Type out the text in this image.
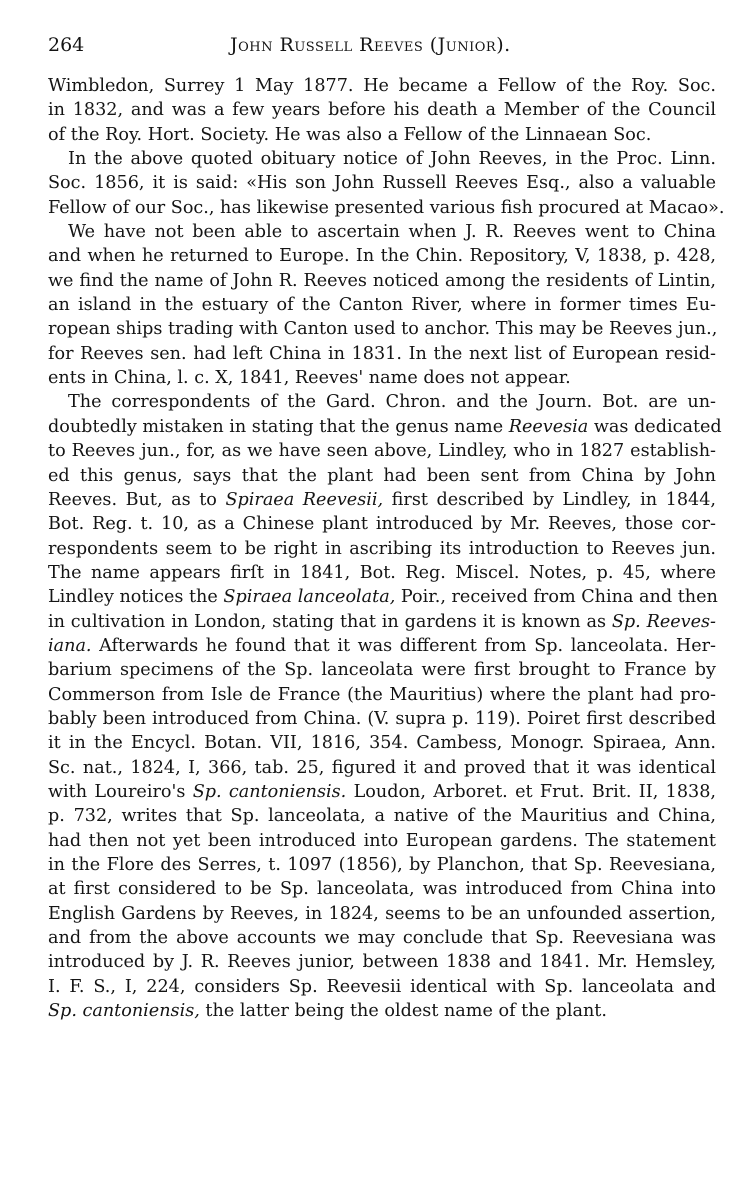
264	John Russell Reeves (Junior).
Wimbledon, Surrey 1 May 1877. He became a Fellow of the Roy. Soc.
in 1832, and was a few years before his death a Member of the Council
of the Roy. Hort. Society. He was also a Fellow of the Linnaean Soc.
In the above quoted obituary notice of John Reeves, in the Proc. Linn.
Soc. 1856, it is said: «His son John Russell Reeves Esq., also a valuable
Fellow of our Soc., has likewise presented various fish procured at Macao».
We have not been able to ascertain when J. R. Reeves went to China
and when he returned to Europe. In the Chin. Repository, V, 1838, p. 428,
we find the name of John R. Reeves noticed among the residents of Lintin,
an island in the estuary of the Canton River, where in former times Eu-
ropean ships trading with Canton used to anchor. This may be Reeves jun.,
for Reeves sen. had left China in 1831. In the next list of European resid-
ents in China, l. c. X, 1841, Reeves' name does not appear.
The correspondents of the Gard. Chron. and the Journ. Bot. are un-
doubtedly mistaken in stating that the genus name Reevesia was dedicated
to Reeves jun., for, as we have seen above, Lindley, who in 1827 establish-
ed this genus, says that the plant had been sent from China by John
Reeves. But, as to Spiraea Reevesii, first described by Lindley, in 1844,
Bot. Reg. t. 10, as a Chinese plant introduced by Mr. Reeves, those cor-
respondents seem to be right in ascribing its introduction to Reeves jun.
The name appears firſt in 1841, Bot. Reg. Miscel. Notes, p. 45, where
Lindley notices the Spiraea lanceolata, Poir., received from China and then
in cultivation in London, stating that in gardens it is known as Sp. Reeves-
iana. Afterwards he found that it was different from Sp. lanceolata. Her-
barium specimens of the Sp. lanceolata were first brought to France by
Commerson from Isle de France (the Mauritius) where the plant had pro-
bably been introduced from China. (V. supra p. 119). Poiret first described
it in the Encycl. Botan. VII, 1816, 354. Cambess, Monogr. Spiraea, Ann.
Sc. nat., 1824, I, 366, tab. 25, figured it and proved that it was identical
with Loureiro's Sp. cantoniensis. Loudon, Arboret. et Frut. Brit. II, 1838,
p. 732, writes that Sp. lanceolata, a native of the Mauritius and China,
had then not yet been introduced into European gardens. The statement
in the Flore des Serres, t. 1097 (1856), by Planchon, that Sp. Reevesiana,
at first considered to be Sp. lanceolata, was introduced from China into
English Gardens by Reeves, in 1824, seems to be an unfounded assertion,
and from the above accounts we may conclude that Sp. Reevesiana was
introduced by J. R. Reeves junior, between 1838 and 1841. Mr. Hemsley,
I. F. S., I, 224, considers Sp. Reevesii identical with Sp. lanceolata and
Sp. cantoniensis, the latter being the oldest name of the plant.
